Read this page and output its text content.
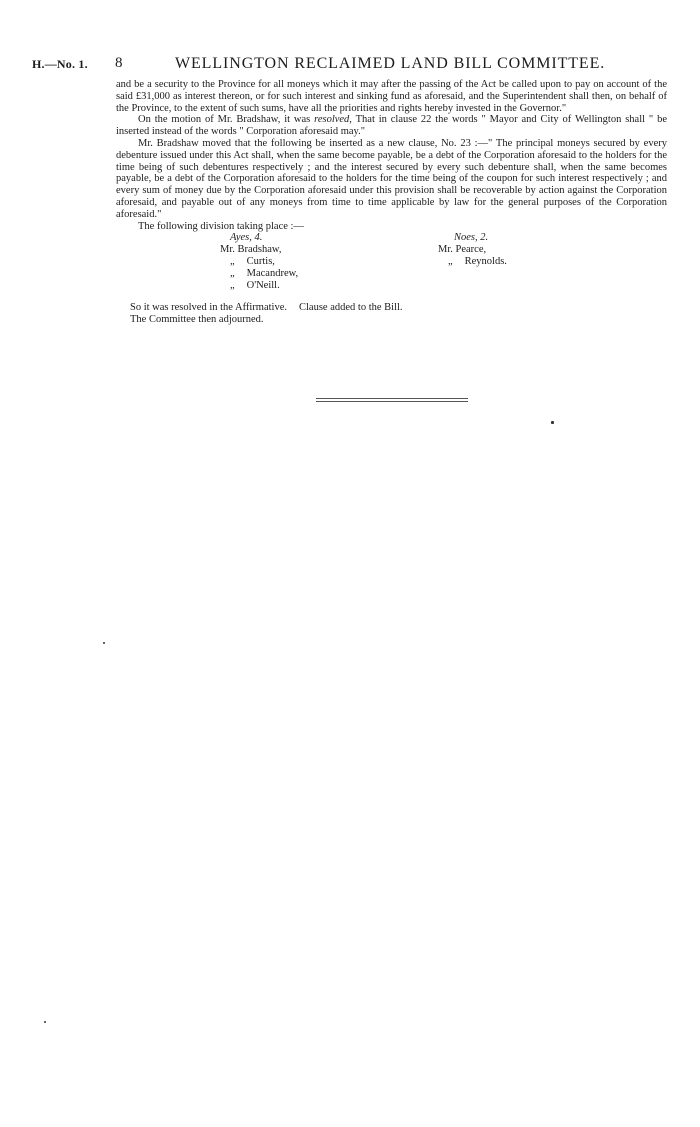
H.—No. 1. 8	WELLINGTON RECLAIMED LAND BILL COMMITTEE.

and be a security to the Province for all moneys which it may after the passing of the Act be called upon to pay on account of the said £31,000 as interest thereon, or for such interest and sinking fund as aforesaid, and the Superintendent shall then, on behalf of the Province, to the extent of such sums, have all the priorities and rights hereby invested in the Governor."

On the motion of Mr. Bradshaw, it was resolved, That in clause 22 the words " Mayor and City of Wellington shall " be inserted instead of the words " Corporation aforesaid may."

Mr. Bradshaw moved that the following be inserted as a new clause, No. 23 :—" The principal moneys secured by every debenture issued under this Act shall, when the same become payable, be a debt of the Corporation aforesaid to the holders for the time being of such debentures respectively ; and the interest secured by every such debenture shall, when the same becomes payable, be a debt of the Corporation aforesaid to the holders for the time being of the coupon for such interest respectively ; and every sum of money due by the Corporation aforesaid under this provision shall be recoverable by action against the Corporation aforesaid, and payable out of any moneys from time to time applicable by law for the general purposes of the Corporation aforesaid."

The following division taking place :—

Ayes, 4.
Mr. Bradshaw,
„ Curtis,
„ Macandrew,
„ O'Neill.
Noes, 2.
Mr. Pearce,
„ Reynolds.

So it was resolved in the Affirmative. Clause added to the Bill.

The Committee then adjourned.
